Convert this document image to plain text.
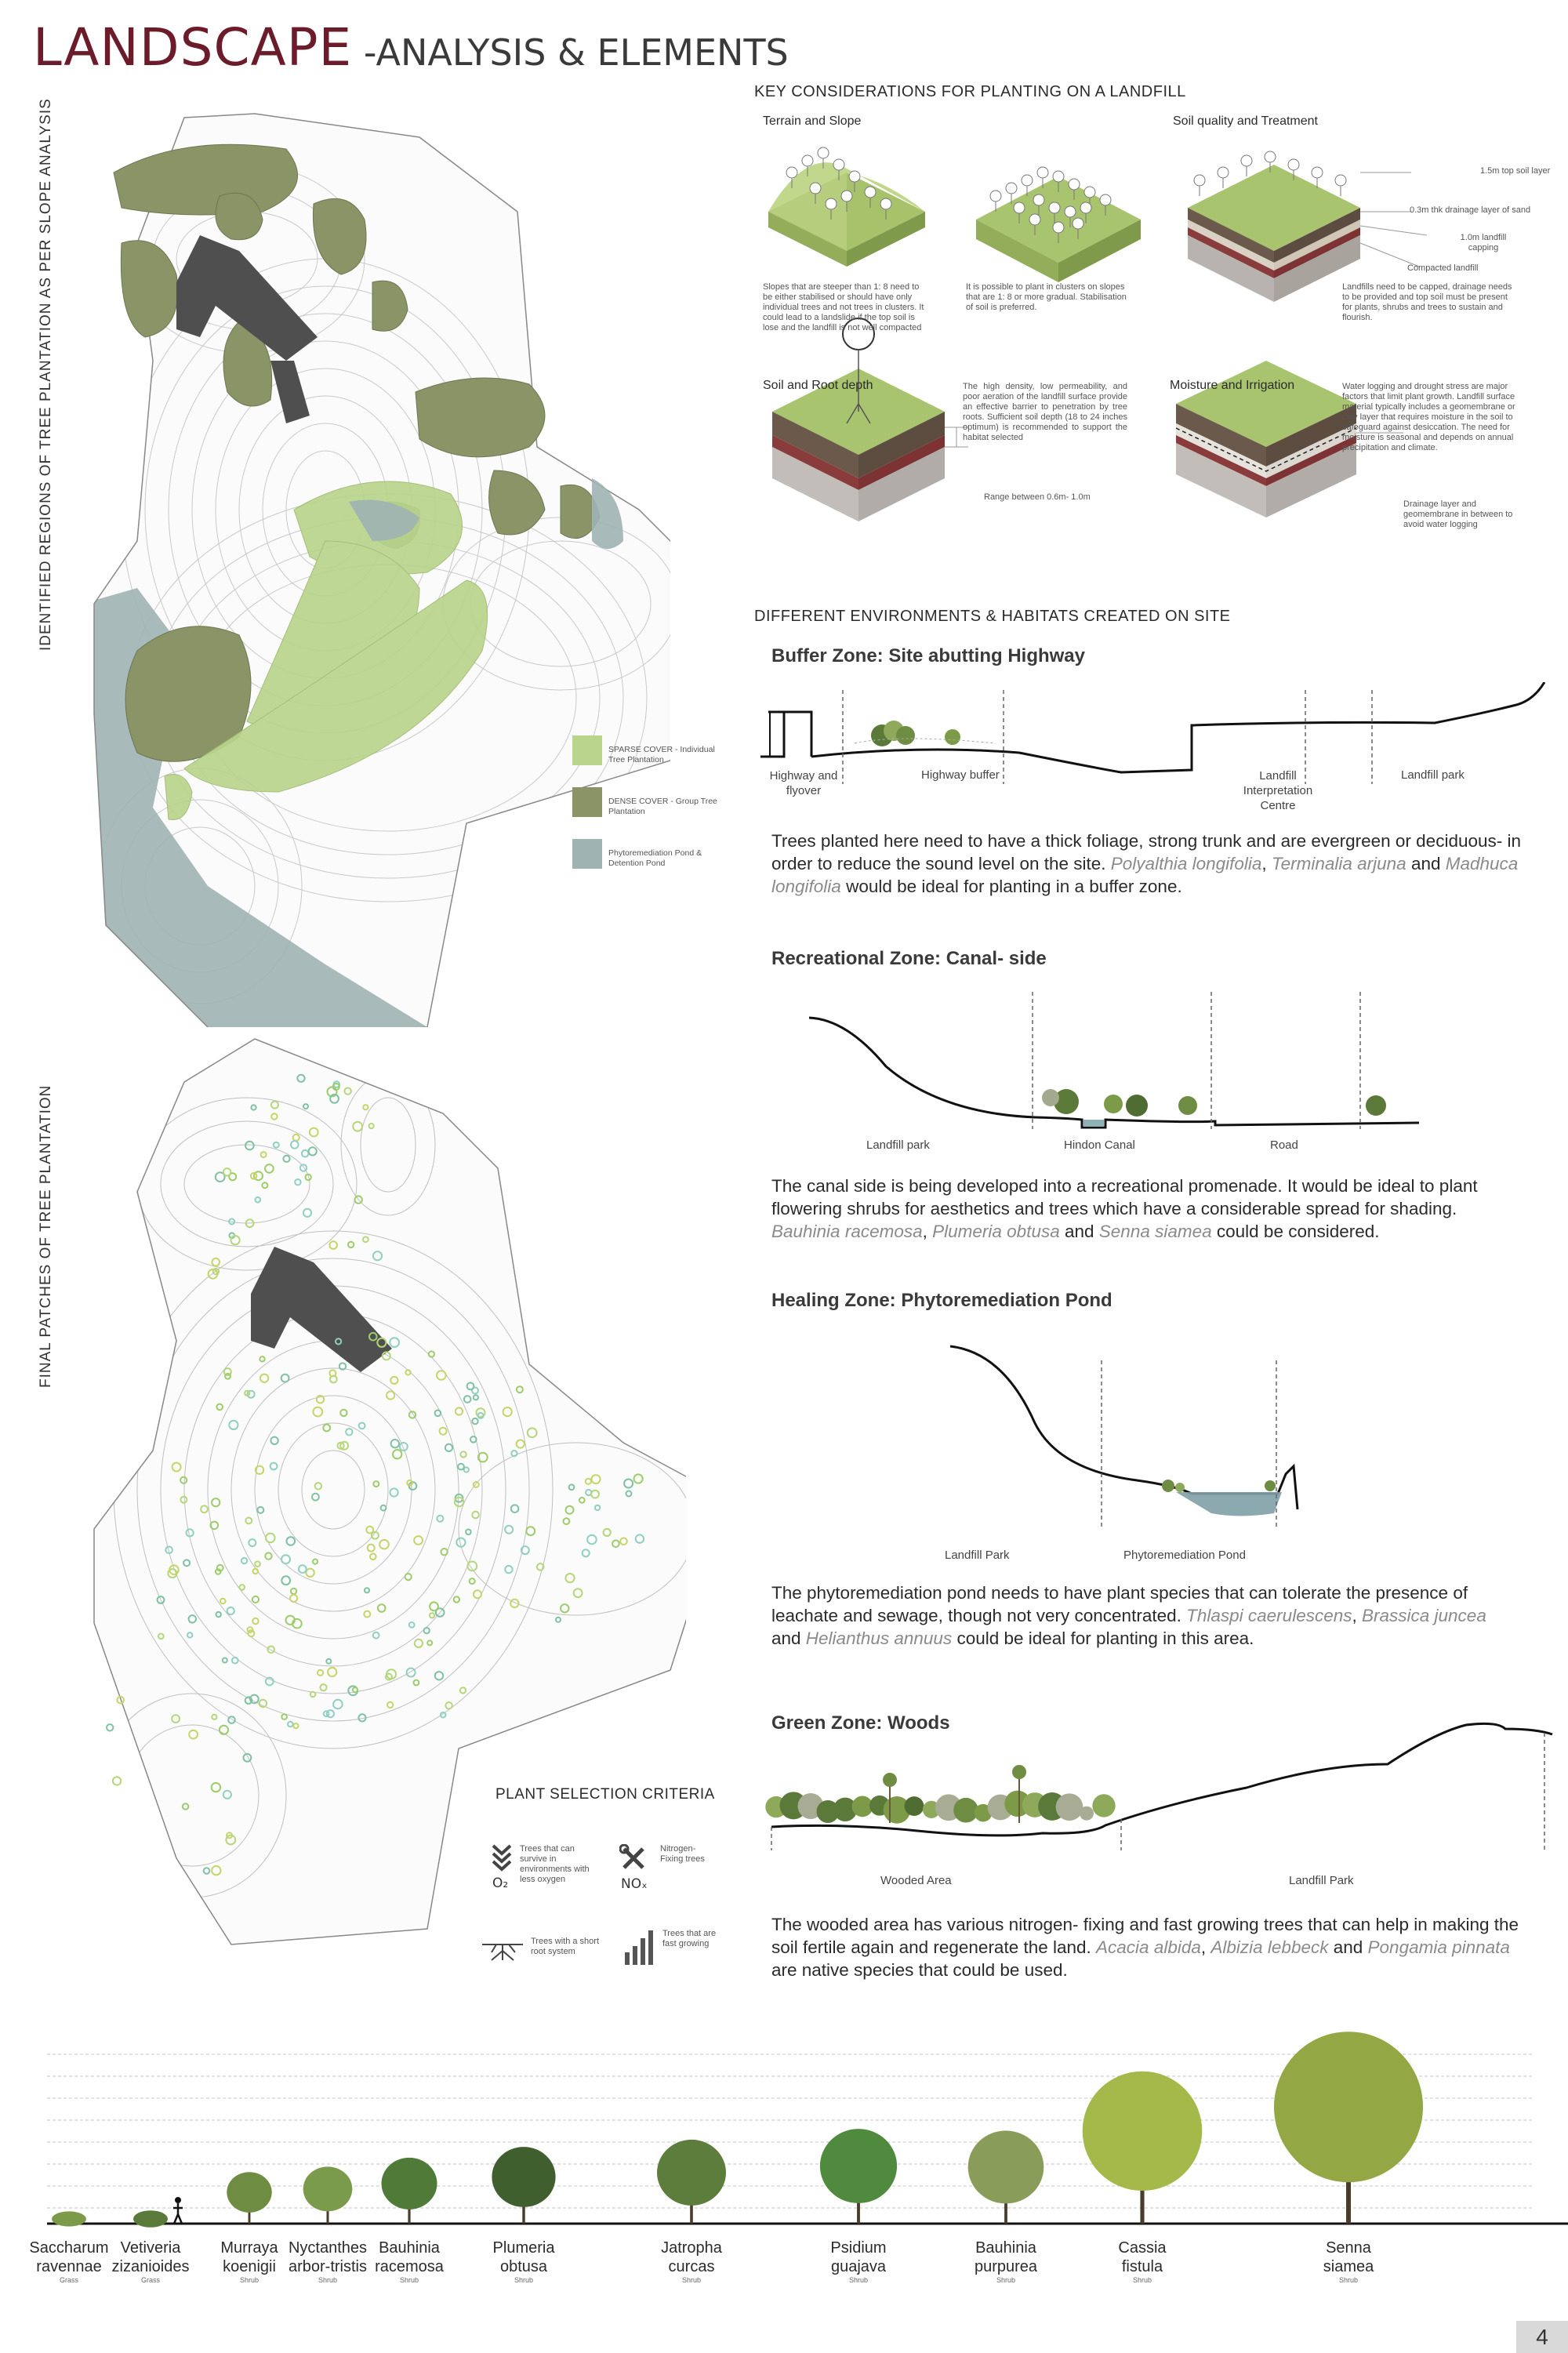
LANDSCAPE -ANALYSIS & ELEMENTS
IDENTIFIED REGIONS OF TREE PLANTATION AS PER SLOPE ANALYSIS
FINAL PATCHES OF TREE PLANTATION
SPARSE COVER - Individual Tree Plantation
DENSE COVER - Group Tree Plantation
Phytoremediation Pond & Detention Pond
PLANT SELECTION CRITERIA
O₂
Trees that can survive in environments with less oxygen	NOₓ
Nitrogen- Fixing trees
Trees with a short root system
Trees that are fast growing
KEY CONSIDERATIONS FOR PLANTING ON A LANDFILL
Terrain and Slope	Soil quality and Treatment
1.5m top soil layer
0.3m thk drainage layer of sand
1.0m landfill capping
Compacted landfill
Slopes that are steeper than 1: 8 need to be either stabilised or should have only individual trees and not trees in clusters. It could lead to a landslide if the top soil is lose and the landfill is not well compacted
It is possible to plant in clusters on slopes that are 1: 8 or more gradual. Stabilisation of soil is preferred.
Landfills need to be capped, drainage needs to be provided and top soil must be present for plants, shrubs and trees to sustain and flourish.
Soil and Root depth	The high density, low permeability, and poor aeration of the landfill surface provide an effective barrier to penetration by tree roots. Sufficient soil depth (18 to 24 inches optimum) is recommended to support the habitat selected
Range between 0.6m- 1.0m
Moisture and Irrigation	Water logging and drought stress are major factors that limit plant growth. Landfill surface material typically includes a geomembrane or clay layer that requires moisture in the soil to safeguard against desiccation. The need for moisture is seasonal and depends on annual precipitation and climate.
Drainage layer and geomembrane in between to avoid water logging
DIFFERENT ENVIRONMENTS & HABITATS CREATED ON SITE
Buffer Zone: Site abutting Highway
Highway and flyover
Highway buffer	Landfill Interpretation Centre
Landfill park
Trees planted here need to have a thick foliage, strong trunk and are evergreen or deciduous- in order to reduce the sound level on the site. Polyalthia longifolia, Terminalia arjuna and Madhuca longifolia would be ideal for planting in a buffer zone.
Recreational Zone: Canal- side
Landfill park	Hindon Canal	Road
The canal side is being developed into a recreational promenade. It would be ideal to plant flowering shrubs for aesthetics and trees which have a considerable spread for shading. Bauhinia racemosa, Plumeria obtusa and Senna siamea could be considered.
Healing Zone: Phytoremediation Pond
Landfill Park	Phytoremediation Pond
The phytoremediation pond needs to have plant species that can tolerate the presence of leachate and sewage, though not very concentrated. Thlaspi caerulescens, Brassica juncea and Helianthus annuus could be ideal for planting in this area.
Green Zone: Woods
Wooded Area	Landfill Park
The wooded area has various nitrogen- fixing and fast growing trees that can help in making the soil fertile again and regenerate the land. Acacia albida, Albizia lebbeck and Pongamia pinnata are native species that could be used.
Saccharum
ravennae
Grass
Vetiveria
zizanioides
Grass
Murraya
koenigii
Shrub
Nyctanthes
arbor-tristis
Shrub
Bauhinia
racemosa
Shrub
Plumeria
obtusa
Shrub
Jatropha
curcas
Shrub
Psidium
guajava
Shrub
Bauhinia
purpurea
Shrub
Cassia
fistula
Shrub
Senna
siamea
Shrub
4
